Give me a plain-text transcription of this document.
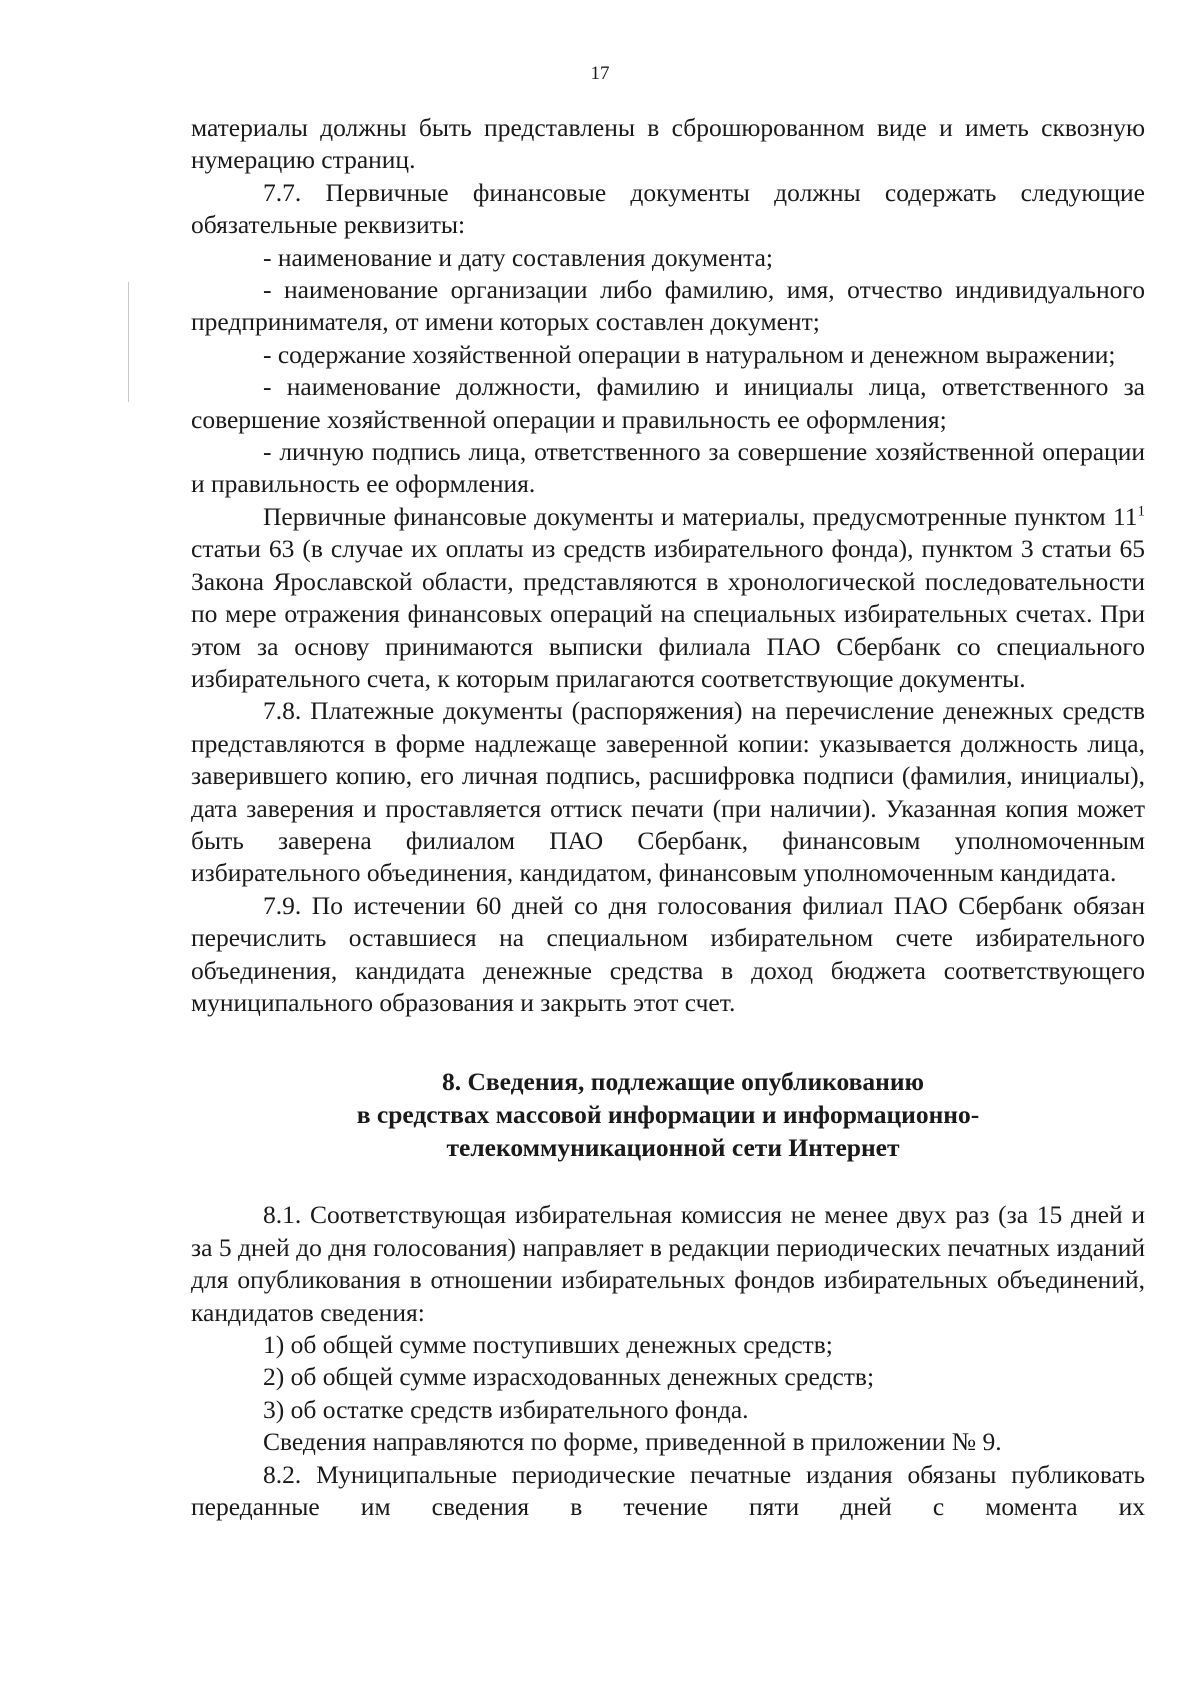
17

материалы должны быть представлены в сброшюрованном виде и иметь сквозную нумерацию страниц.

7.7. Первичные финансовые документы должны содержать следующие обязательные реквизиты:

- наименование и дату составления документа;

- наименование организации либо фамилию, имя, отчество индивидуального предпринимателя, от имени которых составлен документ;

- содержание хозяйственной операции в натуральном и денежном выражении;

- наименование должности, фамилию и инициалы лица, ответственного за совершение хозяйственной операции и правильность ее оформления;

- личную подпись лица, ответственного за совершение хозяйственной операции и правильность ее оформления.

Первичные финансовые документы и материалы, предусмотренные пунктом $11^1$ статьи 63 (в случае их оплаты из средств избирательного фонда), пунктом 3 статьи 65 Закона Ярославской области, представляются в хронологической последовательности по мере отражения финансовых операций на специальных избирательных счетах. При этом за основу принимаются выписки филиала ПАО Сбербанк со специального избирательного счета, к которым прилагаются соответствующие документы.

7.8. Платежные документы (распоряжения) на перечисление денежных средств представляются в форме надлежаще заверенной копии: указывается должность лица, заверившего копию, его личная подпись, расшифровка подписи (фамилия, инициалы), дата заверения и проставляется оттиск печати (при наличии). Указанная копия может быть заверена филиалом ПАО Сбербанк, финансовым уполномоченным избирательного объединения, кандидатом, финансовым уполномоченным кандидата.

7.9. По истечении 60 дней со дня голосования филиал ПАО Сбербанк обязан перечислить оставшиеся на специальном избирательном счете избирательного объединения, кандидата денежные средства в доход бюджета соответствующего муниципального образования и закрыть этот счет.

8. Сведения, подлежащие опубликованию
в средствах массовой информации и информационно-
телекоммуникационной сети Интернет

8.1. Соответствующая избирательная комиссия не менее двух раз (за 15 дней и за 5 дней до дня голосования) направляет в редакции периодических печатных изданий для опубликования в отношении избирательных фондов избирательных объединений, кандидатов сведения:

1) об общей сумме поступивших денежных средств;

2) об общей сумме израсходованных денежных средств;

3) об остатке средств избирательного фонда.

Сведения направляются по форме, приведенной в приложении № 9.

8.2. Муниципальные периодические печатные издания обязаны публиковать переданные им сведения в течение пяти дней с момента их
